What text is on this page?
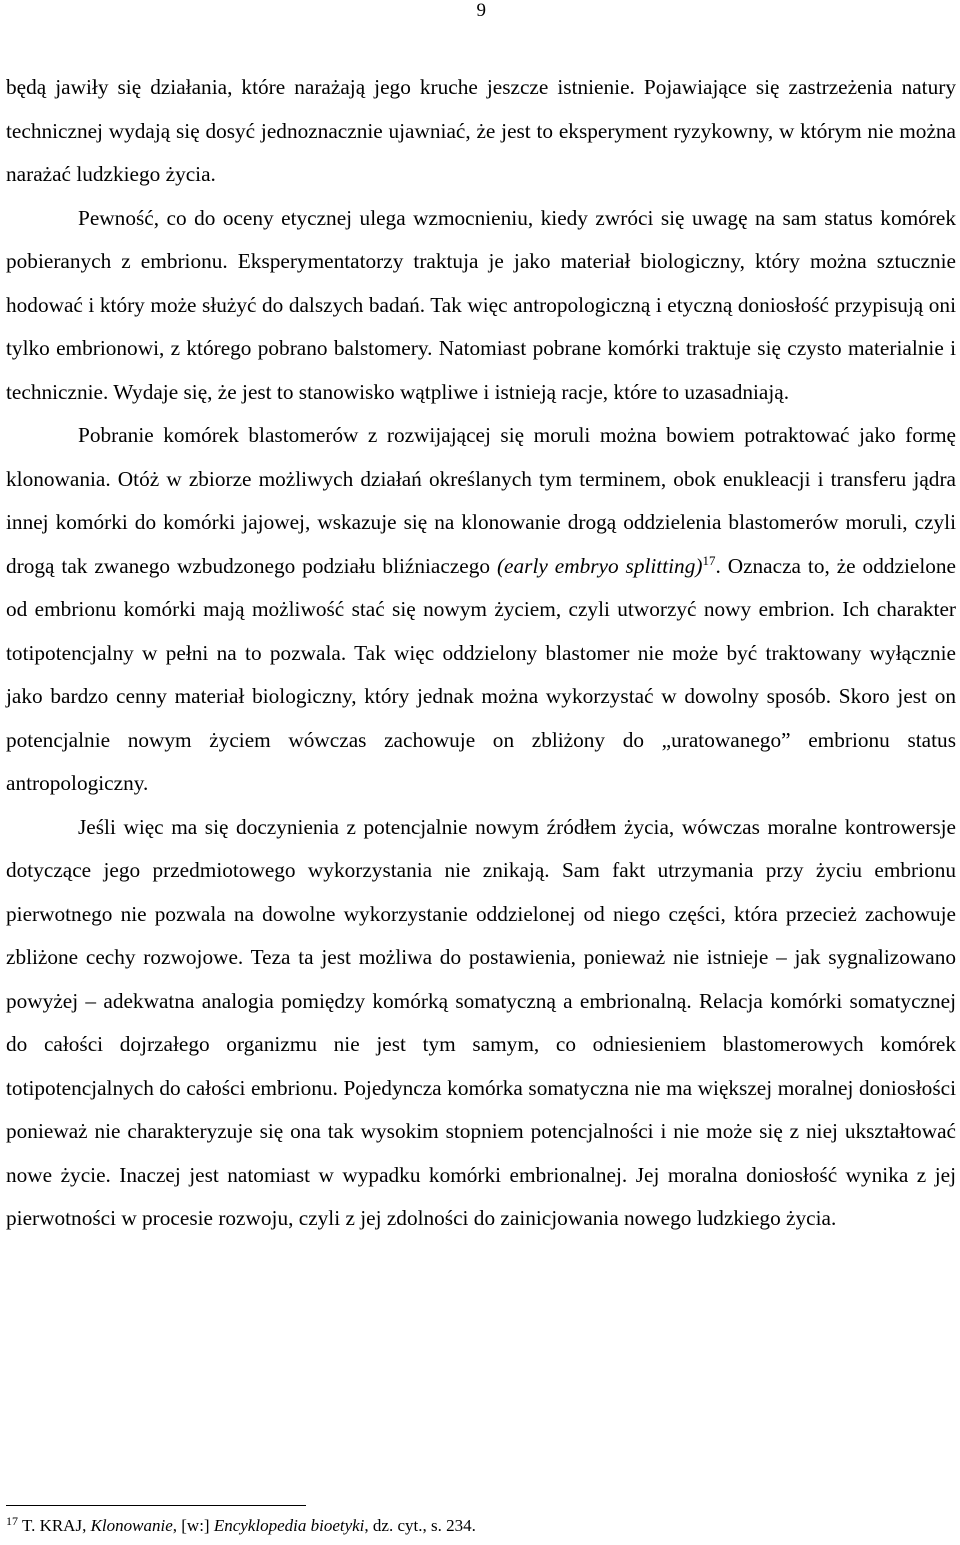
9

będą jawiły się działania, które narażają jego kruche jeszcze istnienie. Pojawiające się zastrzeżenia natury technicznej wydają się dosyć jednoznacznie ujawniać, że jest to eksperyment ryzykowny, w którym nie można narażać ludzkiego życia.

Pewność, co do oceny etycznej ulega wzmocnieniu, kiedy zwróci się uwagę na sam status komórek pobieranych z embrionu. Eksperymentatorzy traktuja je jako materiał biologiczny, który można sztucznie hodować i który może służyć do dalszych badań. Tak więc antropologiczną i etyczną doniosłość przypisują oni tylko embrionowi, z którego pobrano balstomery. Natomiast pobrane komórki traktuje się czysto materialnie i technicznie. Wydaje się, że jest to stanowisko wątpliwe i istnieją racje, które to uzasadniają.

Pobranie komórek blastomerów z rozwijającej się moruli można bowiem potraktować jako formę klonowania. Otóż w zbiorze możliwych działań określanych tym terminem, obok enukleacji i transferu jądra innej komórki do komórki jajowej, wskazuje się na klonowanie drogą oddzielenia blastomerów moruli, czyli drogą tak zwanego wzbudzonego podziału bliźniaczego (early embryo splitting)$^{17}$. Oznacza to, że oddzielone od embrionu komórki mają możliwość stać się nowym życiem, czyli utworzyć nowy embrion. Ich charakter totipotencjalny w pełni na to pozwala. Tak więc oddzielony blastomer nie może być traktowany wyłącznie jako bardzo cenny materiał biologiczny, który jednak można wykorzystać w dowolny sposób. Skoro jest on potencjalnie nowym życiem wówczas zachowuje on zbliżony do „uratowanego” embrionu status antropologiczny.

Jeśli więc ma się doczynienia z potencjalnie nowym źródłem życia, wówczas moralne kontrowersje dotyczące jego przedmiotowego wykorzystania nie znikają. Sam fakt utrzymania przy życiu embrionu pierwotnego nie pozwala na dowolne wykorzystanie oddzielonej od niego części, która przecież zachowuje zbliżone cechy rozwojowe. Teza ta jest możliwa do postawienia, ponieważ nie istnieje – jak sygnalizowano powyżej – adekwatna analogia pomiędzy komórką somatyczną a embrionalną. Relacja komórki somatycznej do całości dojrzałego organizmu nie jest tym samym, co odniesieniem blastomerowych komórek totipotencjalnych do całości embrionu. Pojedyncza komórka somatyczna nie ma większej moralnej doniosłości ponieważ nie charakteryzuje się ona tak wysokim stopniem potencjalności i nie może się z niej ukształtować nowe życie. Inaczej jest natomiast w wypadku komórki embrionalnej. Jej moralna doniosłość wynika z jej pierwotności w procesie rozwoju, czyli z jej zdolności do zainicjowania nowego ludzkiego życia.

$^{17}$ T. KRAJ, Klonowanie, [w:] Encyklopedia bioetyki, dz. cyt., s. 234.
